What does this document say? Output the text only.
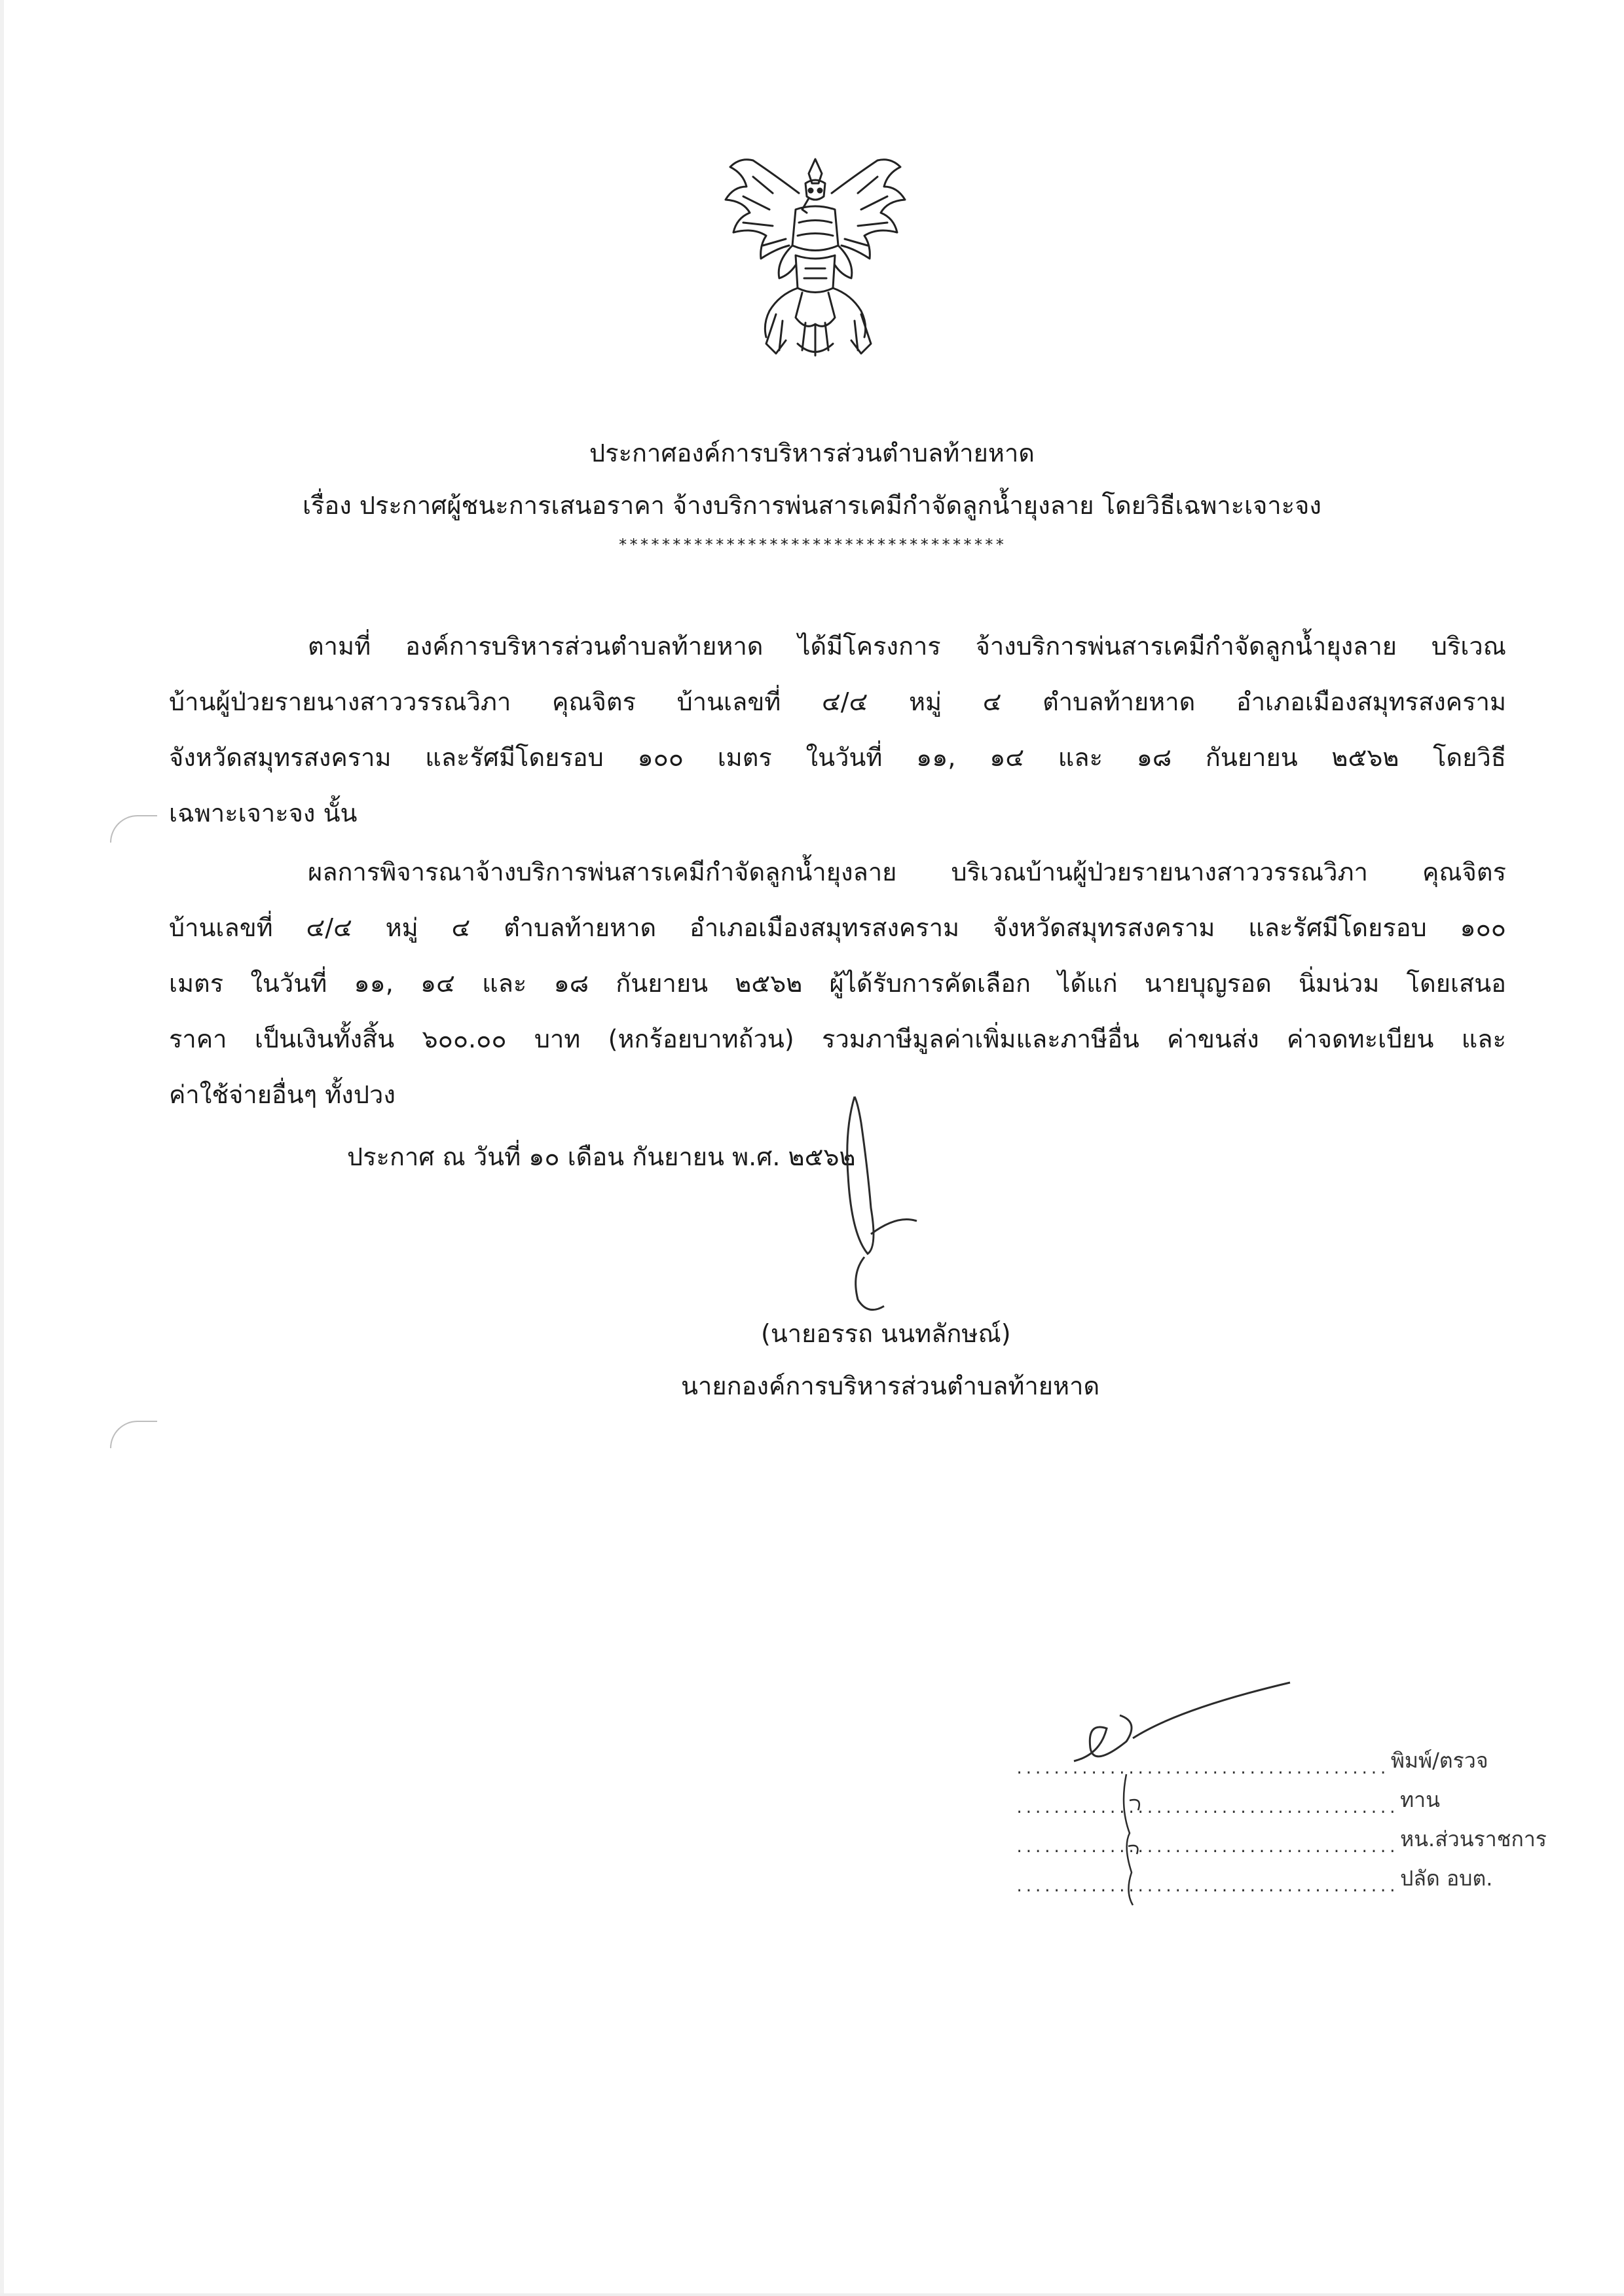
ประกาศองค์การบริหารส่วนตำบลท้ายหาด
เรื่อง ประกาศผู้ชนะการเสนอราคา จ้างบริการพ่นสารเคมีกำจัดลูกน้ำยุงลาย โดยวิธีเฉพาะเจาะจง
************************************
ตามที่ องค์การบริหารส่วนตำบลท้ายหาด ได้มีโครงการ จ้างบริการพ่นสารเคมีกำจัดลูกน้ำยุงลาย บริเวณ
บ้านผู้ป่วยรายนางสาววรรณวิภา คุณจิตร บ้านเลขที่ ๔/๔ หมู่ ๔ ตำบลท้ายหาด อำเภอเมืองสมุทรสงคราม
จังหวัดสมุทรสงคราม และรัศมีโดยรอบ ๑๐๐ เมตร ในวันที่ ๑๑, ๑๔ และ ๑๘ กันยายน ๒๕๖๒ โดยวิธี
เฉพาะเจาะจง นั้น
ผลการพิจารณาจ้างบริการพ่นสารเคมีกำจัดลูกน้ำยุงลาย บริเวณบ้านผู้ป่วยรายนางสาววรรณวิภา คุณจิตร
บ้านเลขที่ ๔/๔ หมู่ ๔ ตำบลท้ายหาด อำเภอเมืองสมุทรสงคราม จังหวัดสมุทรสงคราม และรัศมีโดยรอบ ๑๐๐
เมตร ในวันที่ ๑๑, ๑๔ และ ๑๘ กันยายน ๒๕๖๒ ผู้ได้รับการคัดเลือก ได้แก่ นายบุญรอด นิ่มน่วม โดยเสนอ
ราคา เป็นเงินทั้งสิ้น ๖๐๐.๐๐ บาท (หกร้อยบาทถ้วน) รวมภาษีมูลค่าเพิ่มและภาษีอื่น ค่าขนส่ง ค่าจดทะเบียน และ
ค่าใช้จ่ายอื่นๆ ทั้งปวง
ประกาศ ณ วันที่ ๑๐ เดือน กันยายน พ.ศ. ๒๕๖๒
(นายอรรถ นนทลักษณ์)
นายกองค์การบริหารส่วนตำบลท้ายหาด
........................................ พิมพ์/ตรวจ
......................................... ทาน
......................................... หน.ส่วนราชการ
......................................... ปลัด อบต.
